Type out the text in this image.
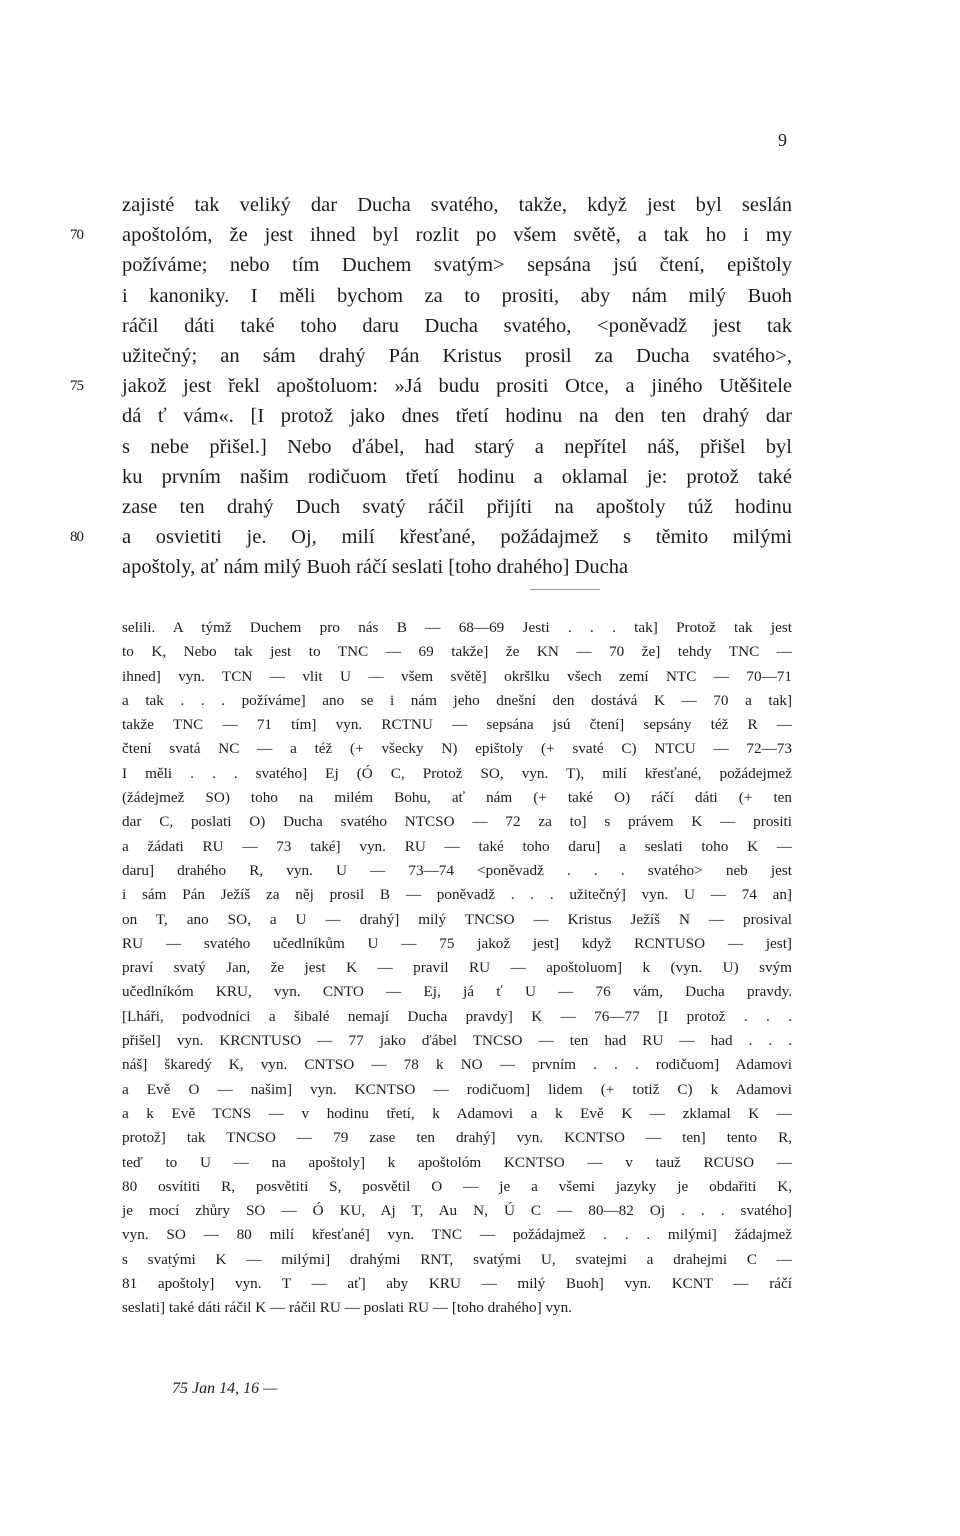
9
zajisté tak veliký dar Ducha svatého, takže, když jest byl seslán
70 apoštolóm, že jest ihned byl rozlit po všem světě, a tak ho i my
požíváme; nebo tím Duchem svatým> sepsána jsú čtení, epištoly
i kanoniky. I měli bychom za to prositi, aby nám milý Buoh
ráčil dáti také toho daru Ducha svatého, <poněvadž jest tak
užitečný; an sám drahý Pán Kristus prosil za Ducha svatého>,
75 jakož jest řekl apoštoluom: »Já budu prositi Otce, a jiného Utěšitele
dá ť vám«. [I protož jako dnes třetí hodinu na den ten drahý dar
s nebe přišel.] Nebo ďábel, had starý a nepřítel náš, přišel byl
ku prvním našim rodičuom třetí hodinu a oklamal je: protož také
zase ten drahý Duch svatý ráčil přijíti na apoštoly túž hodinu
80 a osvietiti je. Oj, milí křesťané, požádajmež s těmito milými
apoštoly, ať nám milý Buoh ráčí seslati [toho drahého] Ducha
selili. A týmž Duchem pro nás B — 68—69 Jesti . . . tak] Protož tak jest
to K, Nebo tak jest to TNC — 69 takže] že KN — 70 že] tehdy TNC —
ihned] vyn. TCN — vlit U — všem světě] okršlku všech zemí NTC — 70—71
a tak . . . požíváme] ano se i nám jeho dnešní den dostává K — 70 a tak]
takže TNC — 71 tím] vyn. RCTNU — sepsána jsú čtení] sepsány též R —
čtení svatá NC — a též (+ všecky N) epištoly (+ svaté C) NTCU — 72—73
I měli . . . svatého] Ej (Ó C, Protož SO, vyn. T), milí křesťané, požádejmež
(žádejmež SO) toho na milém Bohu, ať nám (+ také O) ráčí dáti (+ ten
dar C, poslati O) Ducha svatého NTCSO — 72 za to] s právem K — prositi
a žádati RU — 73 také] vyn. RU — také toho daru] a seslati toho K —
daru] drahého R, vyn. U — 73—74 <poněvadž . . . svatého> neb jest
i sám Pán Ježíš za něj prosil B — poněvadž . . . užitečný] vyn. U — 74 an]
on T, ano SO, a U — drahý] milý TNCSO — Kristus Ježíš N — prosival
RU — svatého učedlníkům U — 75 jakož jest] když RCNTUSO — jest]
praví svatý Jan, že jest K — pravil RU — apoštoluom] k (vyn. U) svým
učedlníkóm KRU, vyn. CNTO — Ej, já ť U — 76 vám, Ducha pravdy.
[Lháři, podvodníci a šibalé nemají Ducha pravdy] K — 76—77 [I protož . . .
přišel] vyn. KRCNTUSO — 77 jako ďábel TNCSO — ten had RU — had . . .
náš] škaredý K, vyn. CNTSO — 78 k NO — prvním . . . rodičuom] Adamovi
a Evě O — našim] vyn. KCNTSO — rodičuom] lidem (+ totiž C) k Adamovi
a k Evě TCNS — v hodinu třetí, k Adamovi a k Evě K — zklamal K —
protož] tak TNCSO — 79 zase ten drahý] vyn. KCNTSO — ten] tento R,
teď to U — na apoštoly] k apoštolóm KCNTSO — v tauž RCUSO —
80 osvítiti R, posvětiti S, posvětil O — je a všemi jazyky je obdařiti K,
je mocí zhůry SO — Ó KU, Aj T, Au N, Ú C — 80—82 Oj . . . svatého]
vyn. SO — 80 milí křesťané] vyn. TNC — požádajmež . . . milými] žádajmež
s svatými K — milými] drahými RNT, svatými U, svatejmi a drahejmi C —
81 apoštoly] vyn. T — ať] aby KRU — milý Buoh] vyn. KCNT — ráčí
seslati] také dáti ráčil K — ráčil RU — poslati RU — [toho drahého] vyn.
75 Jan 14, 16 —
